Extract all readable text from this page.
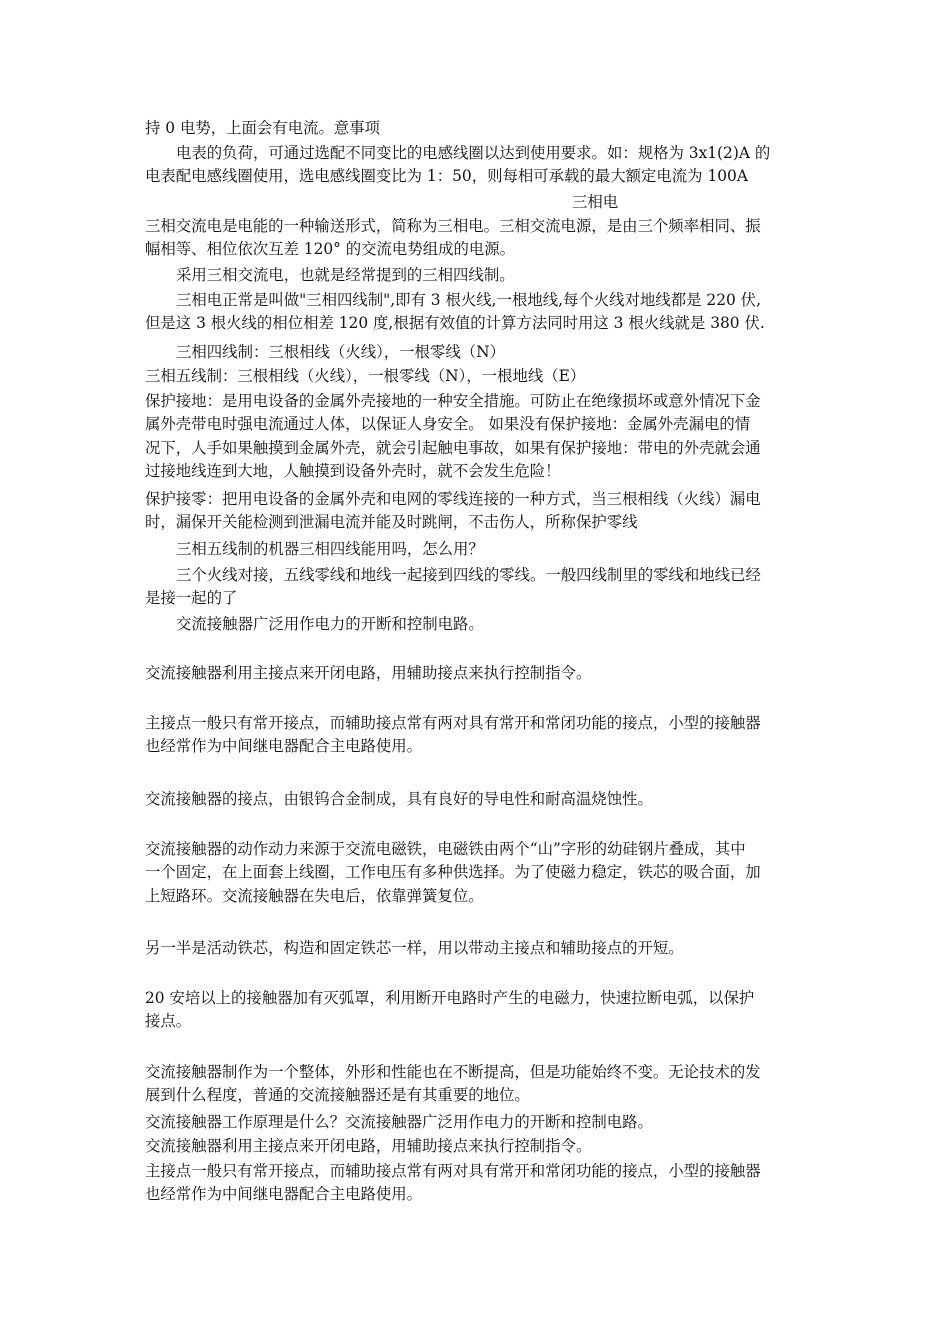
持 0 电势，上面会有电流。意事项

电表的负荷，可通过选配不同变比的电感线圈以达到使用要求。如：规格为 3x1(2)A 的
电表配电感线圈使用，选电感线圈变比为 1：50，则每相可承载的最大额定电流为 100A

三相电

三相交流电是电能的一种输送形式，简称为三相电。三相交流电源，是由三个频率相同、振
幅相等、相位依次互差 120° 的交流电势组成的电源。

采用三相交流电，也就是经常提到的三相四线制。

三相电正常是叫做"三相四线制",即有 3 根火线,一根地线,每个火线对地线都是 220 伏,
但是这 3 根火线的相位相差 120 度,根据有效值的计算方法同时用这 3 根火线就是 380 伏.

三相四线制：三根相线（火线），一根零线（N）

三相五线制：三根相线（火线），一根零线（N），一根地线（E）

保护接地：是用电设备的金属外壳接地的一种安全措施。可防止在绝缘损坏或意外情况下金
属外壳带电时强电流通过人体，以保证人身安全。 如果没有保护接地：金属外壳漏电的情
况下，人手如果触摸到金属外壳，就会引起触电事故，如果有保护接地：带电的外壳就会通
过接地线连到大地，人触摸到设备外壳时，就不会发生危险！

保护接零：把用电设备的金属外壳和电网的零线连接的一种方式，当三根相线（火线）漏电
时，漏保开关能检测到泄漏电流并能及时跳闸，不击伤人，所称保护零线

三相五线制的机器三相四线能用吗，怎么用？

三个火线对接，五线零线和地线一起接到四线的零线。一般四线制里的零线和地线已经
是接一起的了

交流接触器广泛用作电力的开断和控制电路。

交流接触器利用主接点来开闭电路，用辅助接点来执行控制指令。

主接点一般只有常开接点，而辅助接点常有两对具有常开和常闭功能的接点，小型的接触器
也经常作为中间继电器配合主电路使用。

交流接触器的接点，由银钨合金制成，具有良好的导电性和耐高温烧蚀性。

交流接触器的动作动力来源于交流电磁铁，电磁铁由两个“山”字形的幼硅钢片叠成，其中
一个固定，在上面套上线圈，工作电压有多种供选择。为了使磁力稳定，铁芯的吸合面，加
上短路环。交流接触器在失电后，依靠弹簧复位。

另一半是活动铁芯，构造和固定铁芯一样，用以带动主接点和辅助接点的开短。

20 安培以上的接触器加有灭弧罩，利用断开电路时产生的电磁力，快速拉断电弧，以保护
接点。

交流接触器制作为一个整体，外形和性能也在不断提高，但是功能始终不变。无论技术的发
展到什么程度，普通的交流接触器还是有其重要的地位。

交流接触器工作原理是什么？交流接触器广泛用作电力的开断和控制电路。

交流接触器利用主接点来开闭电路，用辅助接点来执行控制指令。

主接点一般只有常开接点，而辅助接点常有两对具有常开和常闭功能的接点，小型的接触器
也经常作为中间继电器配合主电路使用。
